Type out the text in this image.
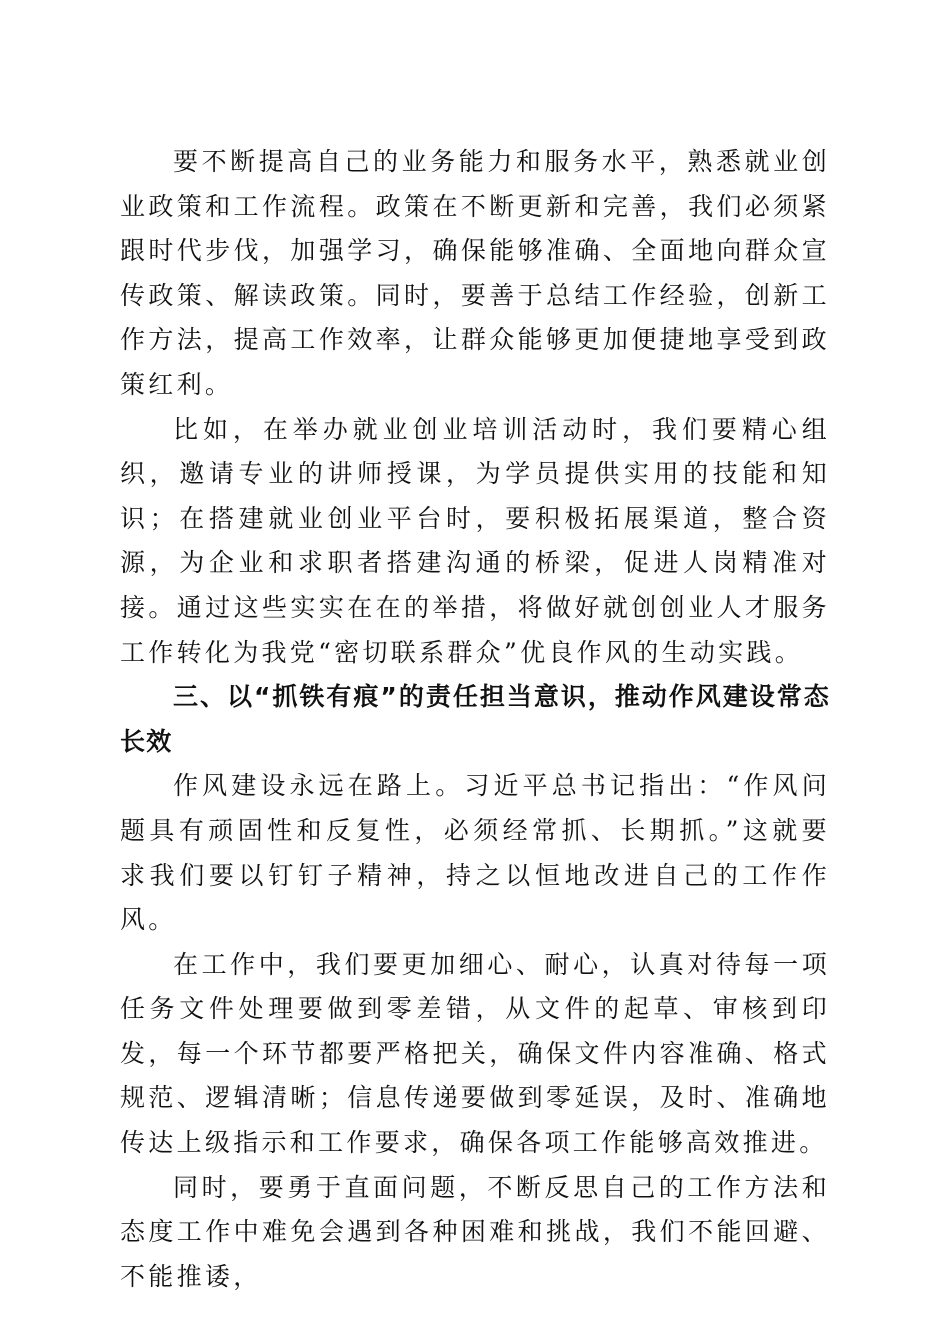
要不断提高自己的业务能力和服务水平，熟悉就业创业政策和工作流程。政策在不断更新和完善，我们必须紧跟时代步伐，加强学习，确保能够准确、全面地向群众宣传政策、解读政策。同时，要善于总结工作经验，创新工作方法，提高工作效率，让群众能够更加便捷地享受到政策红利。

比如，在举办就业创业培训活动时，我们要精心组织，邀请专业的讲师授课，为学员提供实用的技能和知识；在搭建就业创业平台时，要积极拓展渠道，整合资源，为企业和求职者搭建沟通的桥梁，促进人岗精准对接。通过这些实实在在的举措，将做好就创创业人才服务工作转化为我党“密切联系群众”优良作风的生动实践。

三、以“抓铁有痕”的责任担当意识，推动作风建设常态长效

作风建设永远在路上。习近平总书记指出：“作风问题具有顽固性和反复性，必须经常抓、长期抓。”这就要求我们要以钉钉子精神，持之以恒地改进自己的工作作风。

在工作中，我们要更加细心、耐心，认真对待每一项任务文件处理要做到零差错，从文件的起草、审核到印发，每一个环节都要严格把关，确保文件内容准确、格式规范、逻辑清晰；信息传递要做到零延误，及时、准确地传达上级指示和工作要求，确保各项工作能够高效推进。

同时，要勇于直面问题，不断反思自己的工作方法和态度工作中难免会遇到各种困难和挑战，我们不能回避、不能推诿，
